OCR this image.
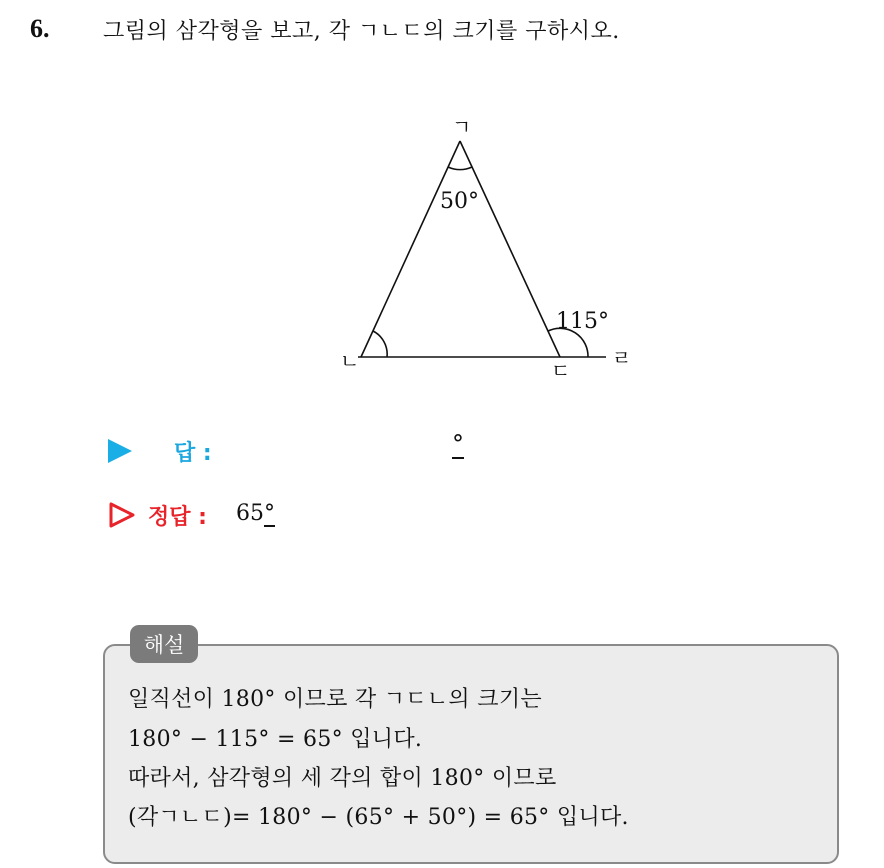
6. 그림의 삼각형을 보고, 각 ㄱㄴㄷ의 크기를 구하시오.
ㄱ
ㄴ	ㄷ
ㄹ
50°
115°
답 :	°
정답 : 65°
해설
일직선이 180° 이므로 각 ㄱㄷㄴ의 크기는
180° − 115° = 65° 입니다.
따라서, 삼각형의 세 각의 합이 180° 이므로
(각ㄱㄴㄷ)= 180° − (65° + 50°) = 65° 입니다.
